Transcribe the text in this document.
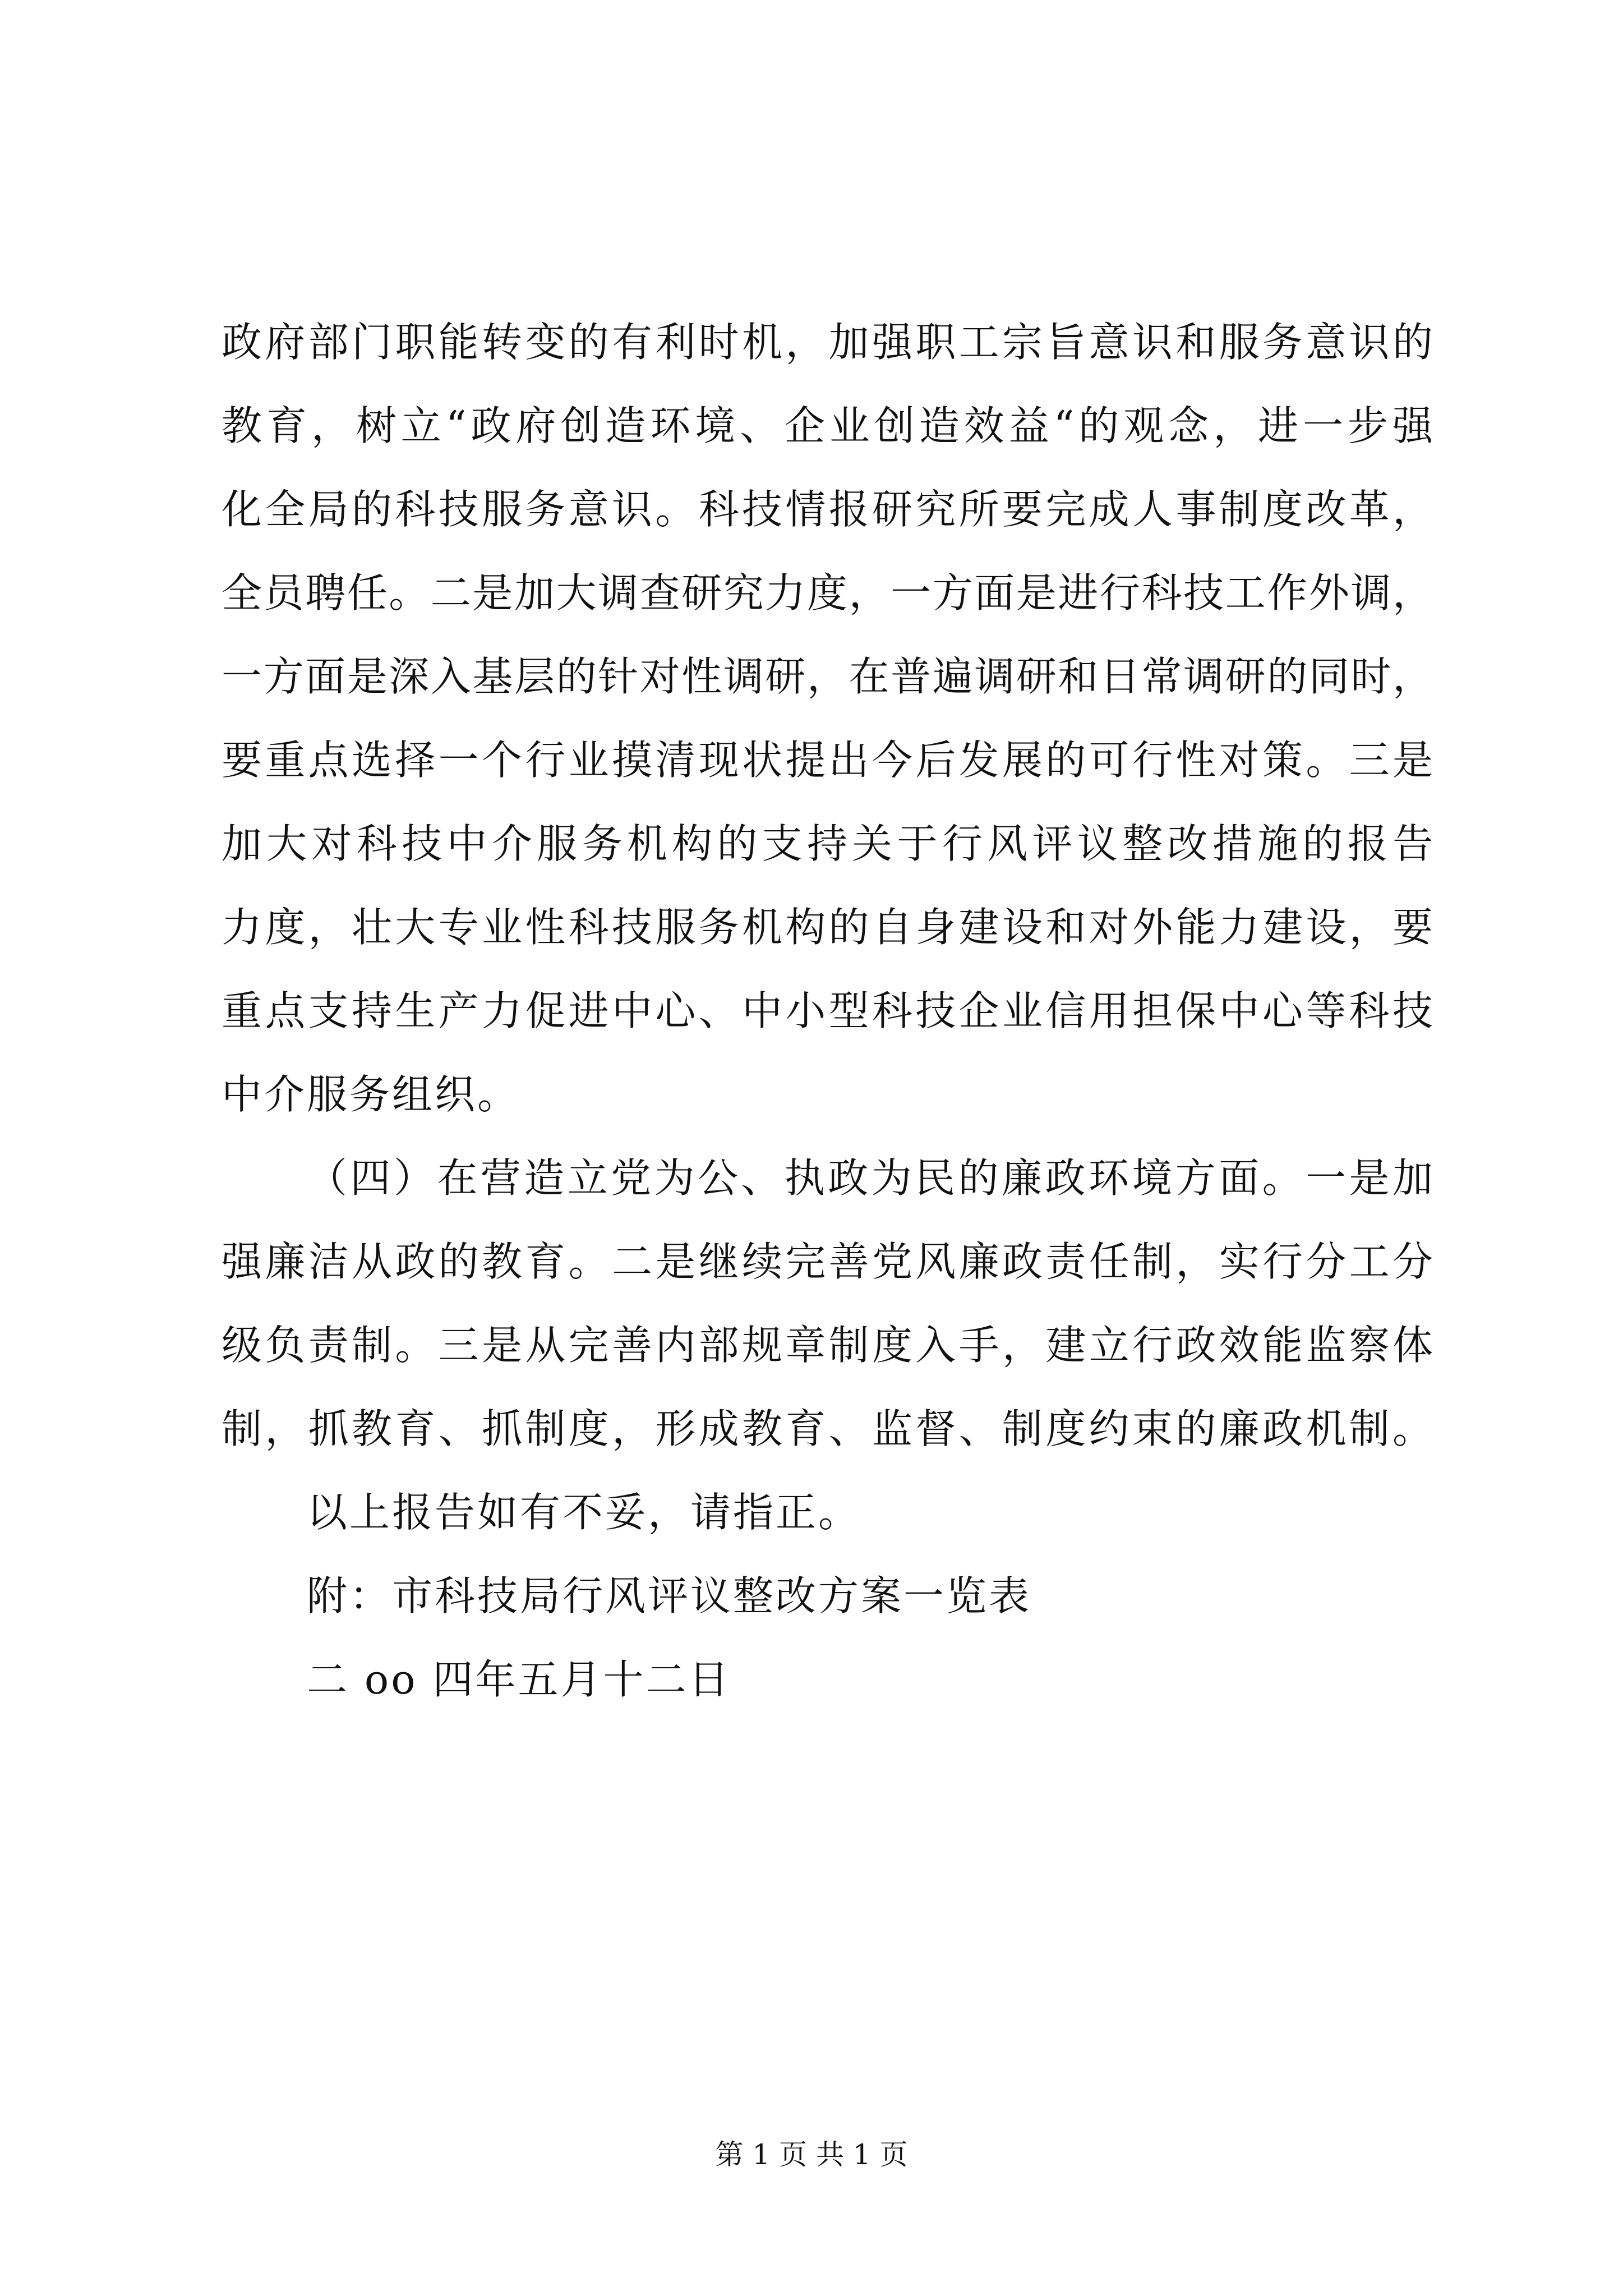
政府部门职能转变的有利时机，加强职工宗旨意识和服务意识的
教育，树立“政府创造环境、企业创造效益“的观念，进一步强
化全局的科技服务意识。科技情报研究所要完成人事制度改革，
全员聘任。二是加大调查研究力度，一方面是进行科技工作外调，
一方面是深入基层的针对性调研，在普遍调研和日常调研的同时，
要重点选择一个行业摸清现状提出今后发展的可行性对策。三是
加大对科技中介服务机构的支持关于行风评议整改措施的报告
力度，壮大专业性科技服务机构的自身建设和对外能力建设，要
重点支持生产力促进中心、中小型科技企业信用担保中心等科技
中介服务组织。
（四）在营造立党为公、执政为民的廉政环境方面。一是加
强廉洁从政的教育。二是继续完善党风廉政责任制，实行分工分
级负责制。三是从完善内部规章制度入手，建立行政效能监察体
制，抓教育、抓制度，形成教育、监督、制度约束的廉政机制。
以上报告如有不妥，请指正。
附：市科技局行风评议整改方案一览表
二 oo 四年五月十二日
第 1 页 共 1 页
